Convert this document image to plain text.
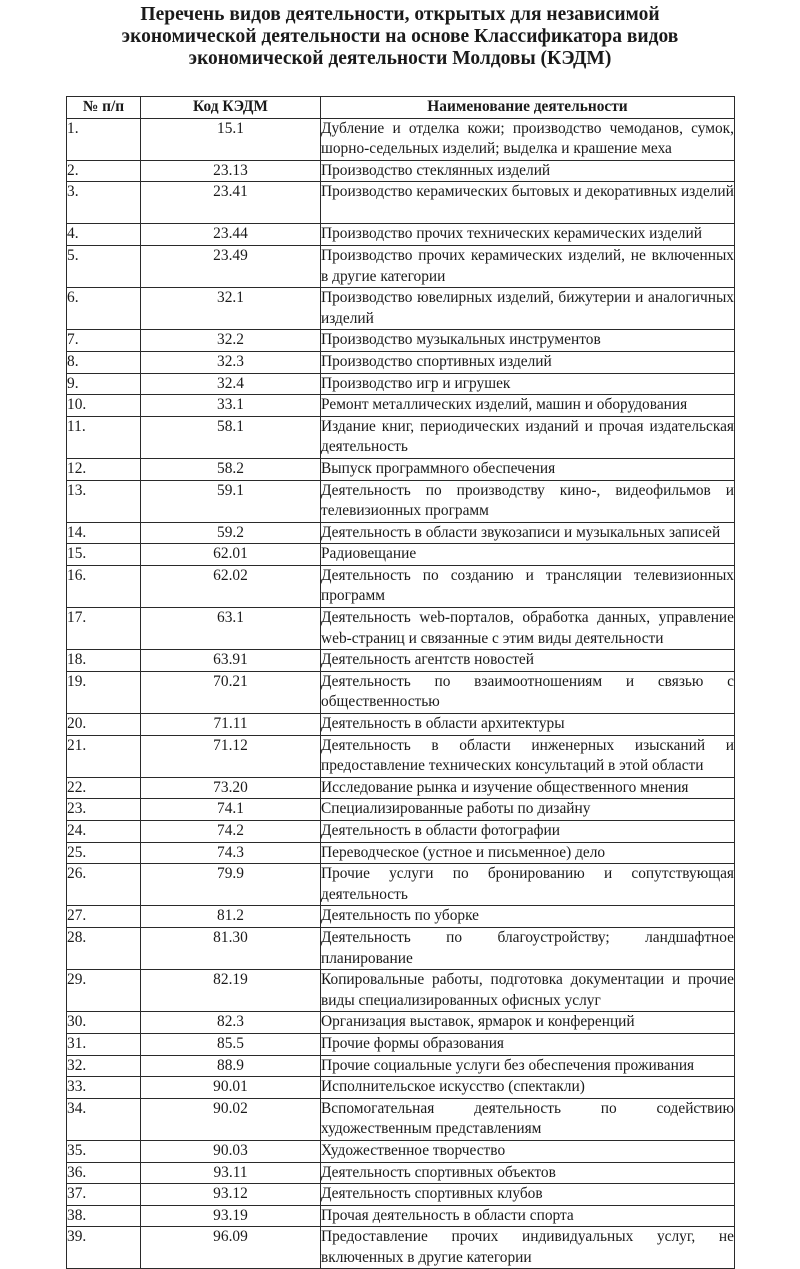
Перечень видов деятельности, открытых для независимой
экономической деятельности на основе Классификатора видов
экономической деятельности Молдовы (КЭДМ)
№ п/п	Код КЭДМ	Наименование деятельности
1.	15.1	Дубление и отделка кожи; производство чемоданов, сумок, шорно-седельных изделий; выделка и крашение меха
2.	23.13	Производство стеклянных изделий
3.	23.41	Производство керамических бытовых и декоративных изделий
4.	23.44	Производство прочих технических керамических изделий
5.	23.49	Производство прочих керамических изделий, не включенных в другие категории
6.	32.1	Производство ювелирных изделий, бижутерии и аналогичных изделий
7.	32.2	Производство музыкальных инструментов
8.	32.3	Производство спортивных изделий
9.	32.4	Производство игр и игрушек
10.	33.1	Ремонт металлических изделий, машин и оборудования
11.	58.1	Издание книг, периодических изданий и прочая издательская деятельность
12.	58.2	Выпуск программного обеспечения
13.	59.1	Деятельность по производству кино-, видеофильмов и телевизионных программ
14.	59.2	Деятельность в области звукозаписи и музыкальных записей
15.	62.01	Радиовещание
16.	62.02	Деятельность по созданию и трансляции телевизионных программ
17.	63.1	Деятельность web-порталов, обработка данных, управление web-страниц и связанные с этим виды деятельности
18.	63.91	Деятельность агентств новостей
19.	70.21	Деятельность по взаимоотношениям и связью с общественностью
20.	71.11	Деятельность в области архитектуры
21.	71.12	Деятельность в области инженерных изысканий и предоставление технических консультаций в этой области
22.	73.20	Исследование рынка и изучение общественного мнения
23.	74.1	Специализированные работы по дизайну
24.	74.2	Деятельность в области фотографии
25.	74.3	Переводческое (устное и письменное) дело
26.	79.9	Прочие услуги по бронированию и сопутствующая деятельность
27.	81.2	Деятельность по уборке
28.	81.30	Деятельность по благоустройству; ландшафтное планирование
29.	82.19	Копировальные работы, подготовка документации и прочие виды специализированных офисных услуг
30.	82.3	Организация выставок, ярмарок и конференций
31.	85.5	Прочие формы образования
32.	88.9	Прочие социальные услуги без обеспечения проживания
33.	90.01	Исполнительское искусство (спектакли)
34.	90.02	Вспомогательная деятельность по содействию художественным представлениям
35.	90.03	Художественное творчество
36.	93.11	Деятельность спортивных объектов
37.	93.12	Деятельность спортивных клубов
38.	93.19	Прочая деятельность в области спорта
39.	96.09	Предоставление прочих индивидуальных услуг, не включенных в другие категории
